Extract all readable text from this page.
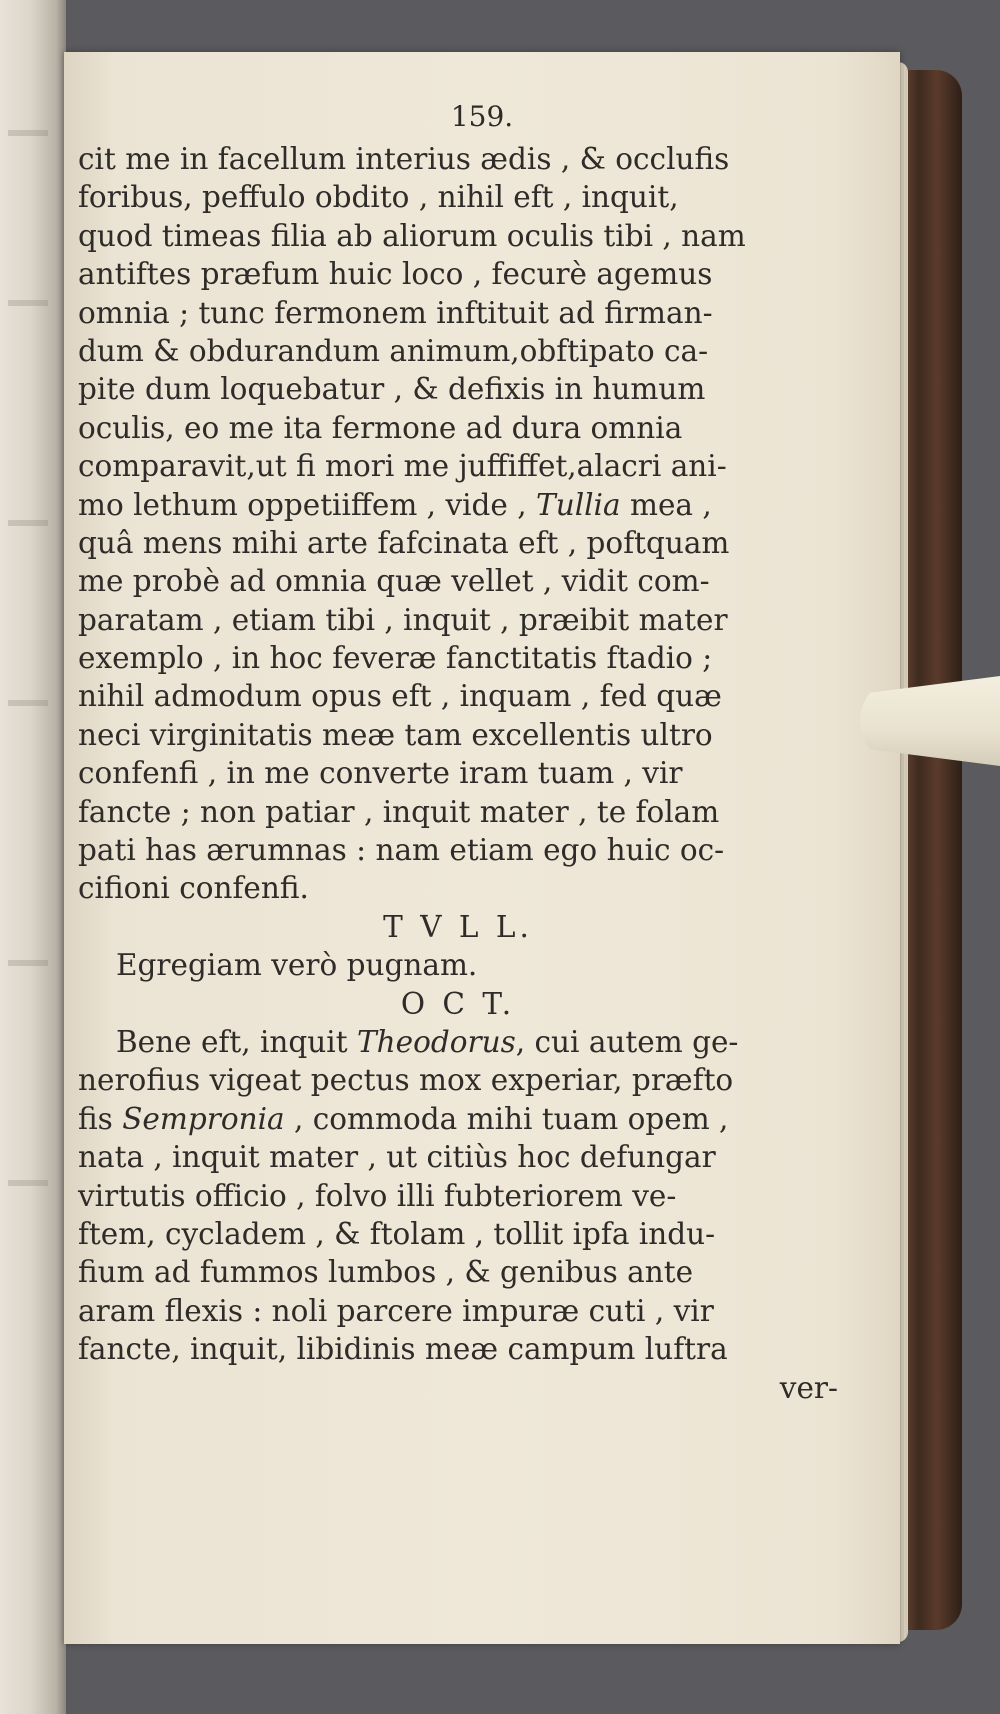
159.
cit me in facellum interius ædis , & occlufis
foribus, peffulo obdito , nihil eft , inquit,
quod timeas filia ab aliorum oculis tibi , nam
antiftes præfum huic loco , fecurè agemus
omnia ; tunc fermonem inftituit ad firman-
dum & obdurandum animum,obftipato ca-
pite dum loquebatur , & defixis in humum
oculis, eo me ita fermone ad dura omnia
comparavit,ut fi mori me juffiffet,alacri ani-
mo lethum oppetiiffem , vide , Tullia mea ,
quâ mens mihi arte fafcinata eft , poftquam
me probè ad omnia quæ vellet , vidit com-
paratam , etiam tibi , inquit , præibit mater
exemplo , in hoc feveræ fanctitatis ftadio ;
nihil admodum opus eft , inquam , fed quæ
neci virginitatis meæ tam excellentis ultro
confenfi , in me converte iram tuam , vir
fancte ; non patiar , inquit mater , te folam
pati has ærumnas : nam etiam ego huic oc-
cifioni confenfi.
T V L L.
Egregiam verò pugnam.
O C T.
Bene eft, inquit Theodorus, cui autem ge-
nerofius vigeat pectus mox experiar, præfto
fis Sempronia , commoda mihi tuam opem ,
nata , inquit mater , ut citiùs hoc defungar
virtutis officio , folvo illi fubteriorem ve-
ftem, cycladem , & ftolam , tollit ipfa indu-
fium ad fummos lumbos , & genibus ante
aram flexis : noli parcere impuræ cuti , vir
fancte, inquit, libidinis meæ campum luftra
ver-
